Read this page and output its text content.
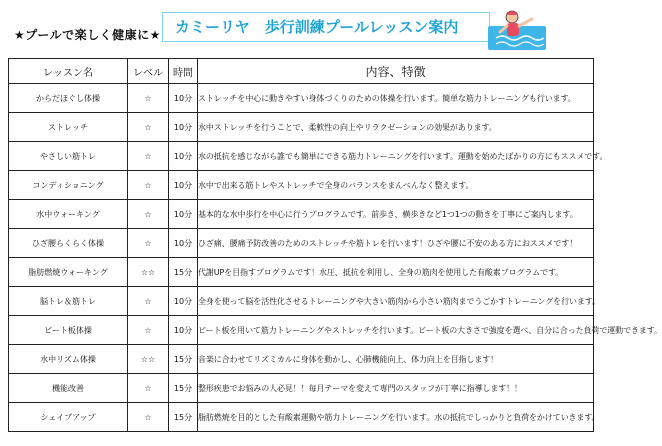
★プールで楽しく健康に★ カミーリヤ　歩行訓練プールレッスン案内
レッスン名	レベル	時間	内容、特徴
からだほぐし体操	☆	10分	ストレッチを中心に動きやすい身体づくりのための体操を行います。簡単な筋力トレーニングも行います。
ストレッチ	☆	10分	水中ストレッチを行うことで、柔軟性の向上やリラクゼーションの効果があります。
やさしい筋トレ	☆	10分	水の抵抗を感じながら誰でも簡単にできる筋力トレーニングを行います。運動を始めたばかりの方にもススメです。
コンディショニング	☆	10分	水中で出来る筋トレやストレッチで全身のバランスをまんべんなく整えます。
水中ウォーキング	☆	10分	基本的な水中歩行を中心に行うプログラムです。前歩き、横歩きなど1つ1つの動きを丁寧にご案内します。
ひざ腰らくらく体操	☆	10分	ひざ痛、腰痛予防改善のためのストレッチや筋トレを行います！ひざや腰に不安のある方におススメです！
脂肪燃焼ウォーキング	☆☆	15分	代謝UPを目指すプログラムです！水圧、抵抗を利用し、全身の筋肉を使用した有酸素プログラムです。
脳トレ＆筋トレ	☆	10分	全身を使って脳を活性化させるトレーニングや大きい筋肉から小さい筋肉までうごかすトレーニングを行います。
ビート板体操	☆	10分	ビート板を用いて筋力トレーニングやストレッチを行います。ビート板の大きさで強度を選べ、自分に合った負荷で運動できます。
水中リズム体操	☆☆	15分	音楽に合わせてリズミカルに身体を動かし、心肺機能向上、体力向上を目指します！
機能改善	☆	15分	整形疾患でお悩みの人必見！！毎月テーマを変えて専門のスタッフが丁寧に指導します！！
シェイプアップ	☆	15分	脂肪燃焼を目的とした有酸素運動や筋力トレーニングを行います。水の抵抗でしっかりと負荷をかけていきます。
